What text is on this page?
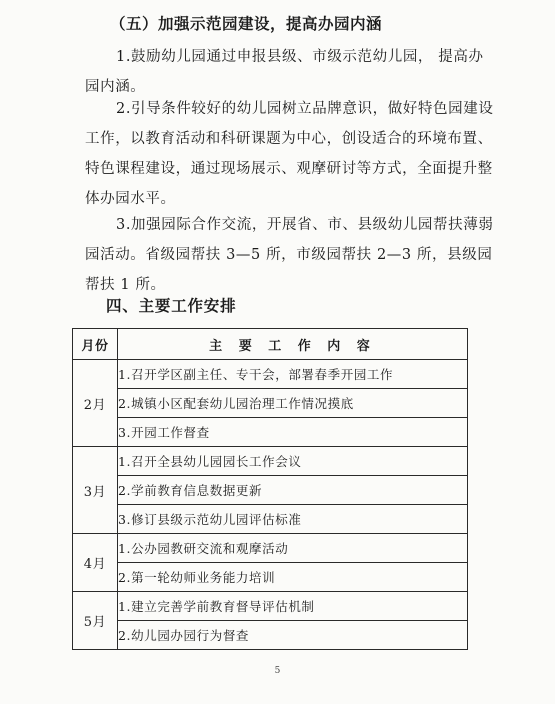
（五）加强示范园建设，提高办园内涵
1.鼓励幼儿园通过申报县级、市级示范幼儿园， 提高办园内涵。
2.引导条件较好的幼儿园树立品牌意识，做好特色园建设工作，以教育活动和科研课题为中心，创设适合的环境布置、特色课程建设，通过现场展示、观摩研讨等方式，全面提升整体办园水平。
3.加强园际合作交流，开展省、市、县级幼儿园帮扶薄弱园活动。省级园帮扶 3—5 所，市级园帮扶 2—3 所，县级园帮扶 1 所。
四、主要工作安排
月份	主 要 工 作 内 容
2月	1.召开学区副主任、专干会，部署春季开园工作
	2.城镇小区配套幼儿园治理工作情况摸底
	3.开园工作督查
3月	1.召开全县幼儿园园长工作会议
	2.学前教育信息数据更新
	3.修订县级示范幼儿园评估标准
4月	1.公办园教研交流和观摩活动
	2.第一轮幼师业务能力培训
5月	1.建立完善学前教育督导评估机制
	2.幼儿园办园行为督查
5
